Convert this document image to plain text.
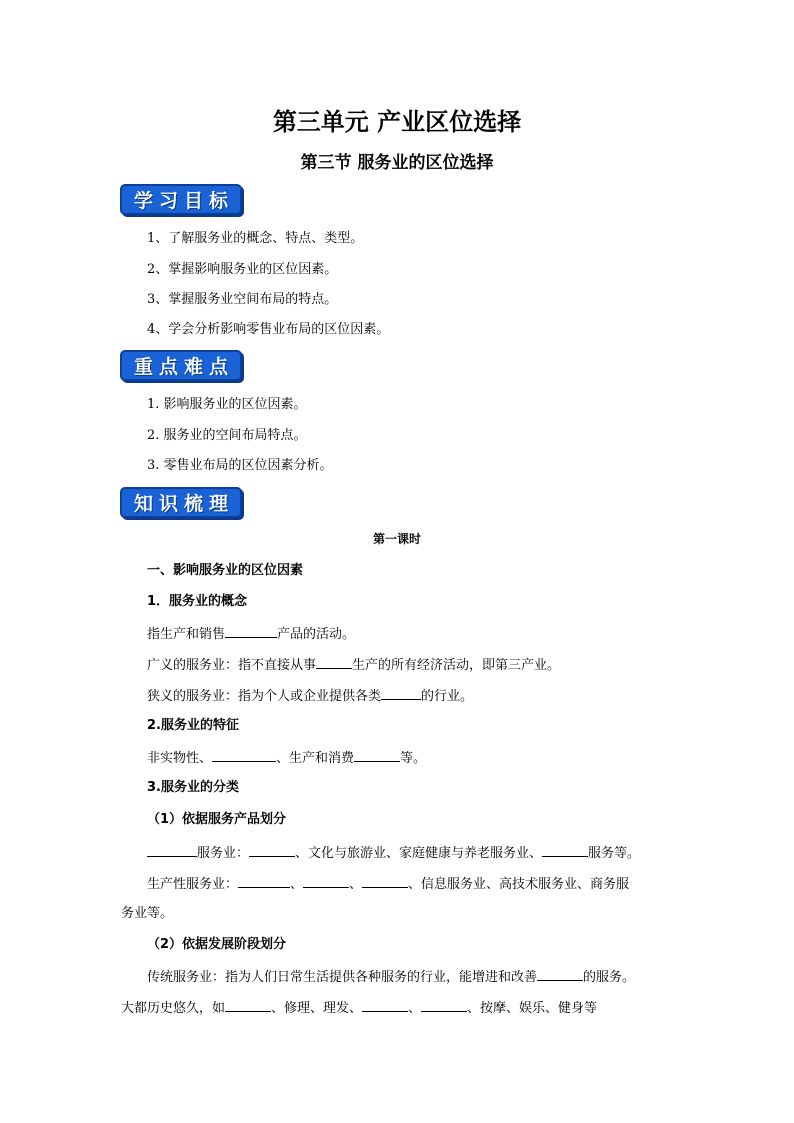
第三单元 产业区位选择
第三节 服务业的区位选择
学习目标
1、了解服务业的概念、特点、类型。
2、掌握影响服务业的区位因素。
3、掌握服务业空间布局的特点。
4、学会分析影响零售业布局的区位因素。
重点难点
1. 影响服务业的区位因素。
2. 服务业的空间布局特点。
3. 零售业布局的区位因素分析。
知识梳理
第一课时
一、影响服务业的区位因素
1．服务业的概念
指生产和销售	产品的活动。
广义的服务业：指不直接从事	生产的所有经济活动，即第三产业。
狭义的服务业：指为个人或企业提供各类	的行业。
2.服务业的特征
非实物性、	、生产和消费	等。
3.服务业的分类
（1）依据服务产品划分
服务业：	、文化与旅游业、家庭健康与养老服务业、	服务等。
生产性服务业：	、	、	、信息服务业、高技术服务业、商务服
务业等。
（2）依据发展阶段划分
传统服务业：指为人们日常生活提供各种服务的行业，能增进和改善	的服务。
大都历史悠久，如	、修理、理发、	、	、按摩、娱乐、健身等
